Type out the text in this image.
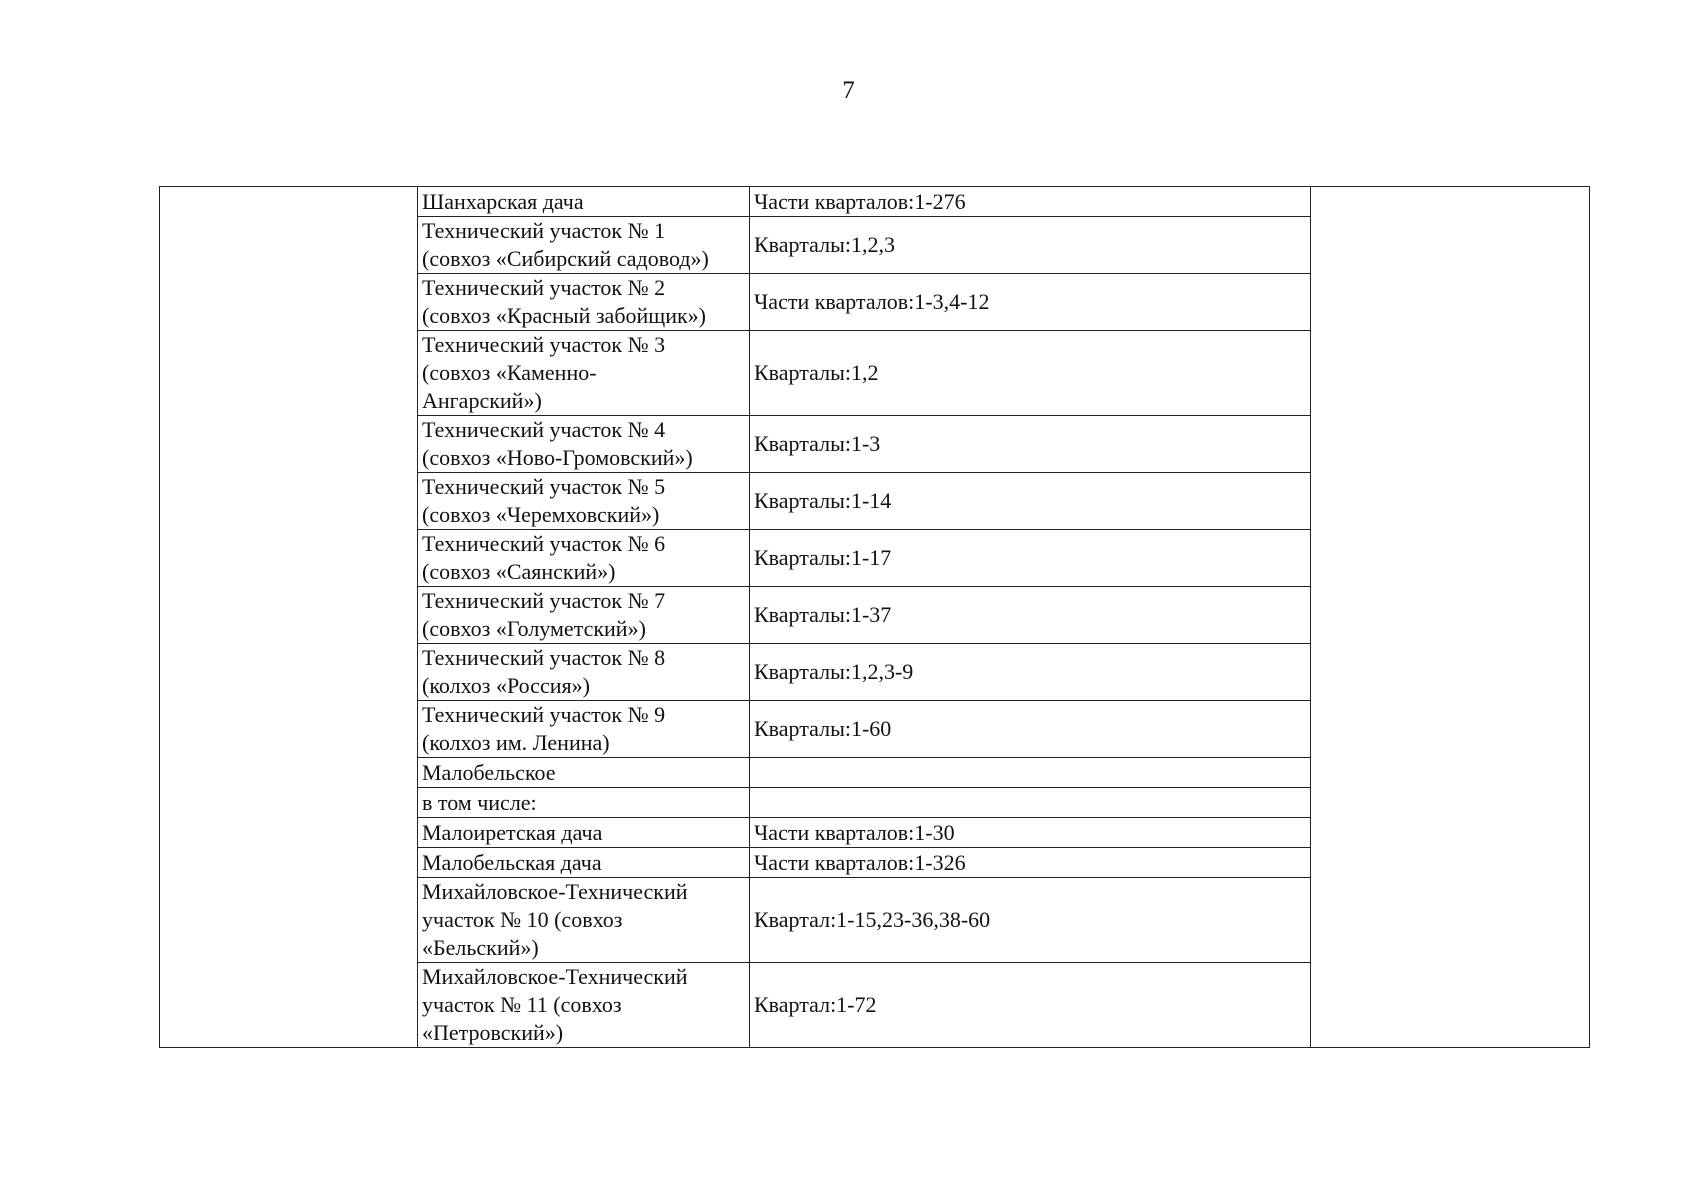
7
	Шанхарская дача	Части кварталов:1-276	
	Технический участок № 1
(совхоз «Сибирский садовод»)	Кварталы:1,2,3	
	Технический участок № 2
(совхоз «Красный забойщик»)	Части кварталов:1-3,4-12	
	Технический участок № 3
(совхоз «Каменно-
Ангарский»)	Кварталы:1,2	
	Технический участок № 4
(совхоз «Ново-Громовский»)	Кварталы:1-3	
	Технический участок № 5
(совхоз «Черемховский»)	Кварталы:1-14	
	Технический участок № 6
(совхоз «Саянский»)	Кварталы:1-17	
	Технический участок № 7
(совхоз «Голуметский»)	Кварталы:1-37	
	Технический участок № 8
(колхоз «Россия»)	Кварталы:1,2,3-9	
	Технический участок № 9
(колхоз им. Ленина)	Кварталы:1-60	
	Малобельское		
	в том числе:		
	Малоиретская дача	Части кварталов:1-30	
	Малобельская дача	Части кварталов:1-326	
	Михайловское-Технический
участок № 10 (совхоз
«Бельский»)	Квартал:1-15,23-36,38-60	
	Михайловское-Технический
участок № 11 (совхоз
«Петровский»)	Квартал:1-72	
